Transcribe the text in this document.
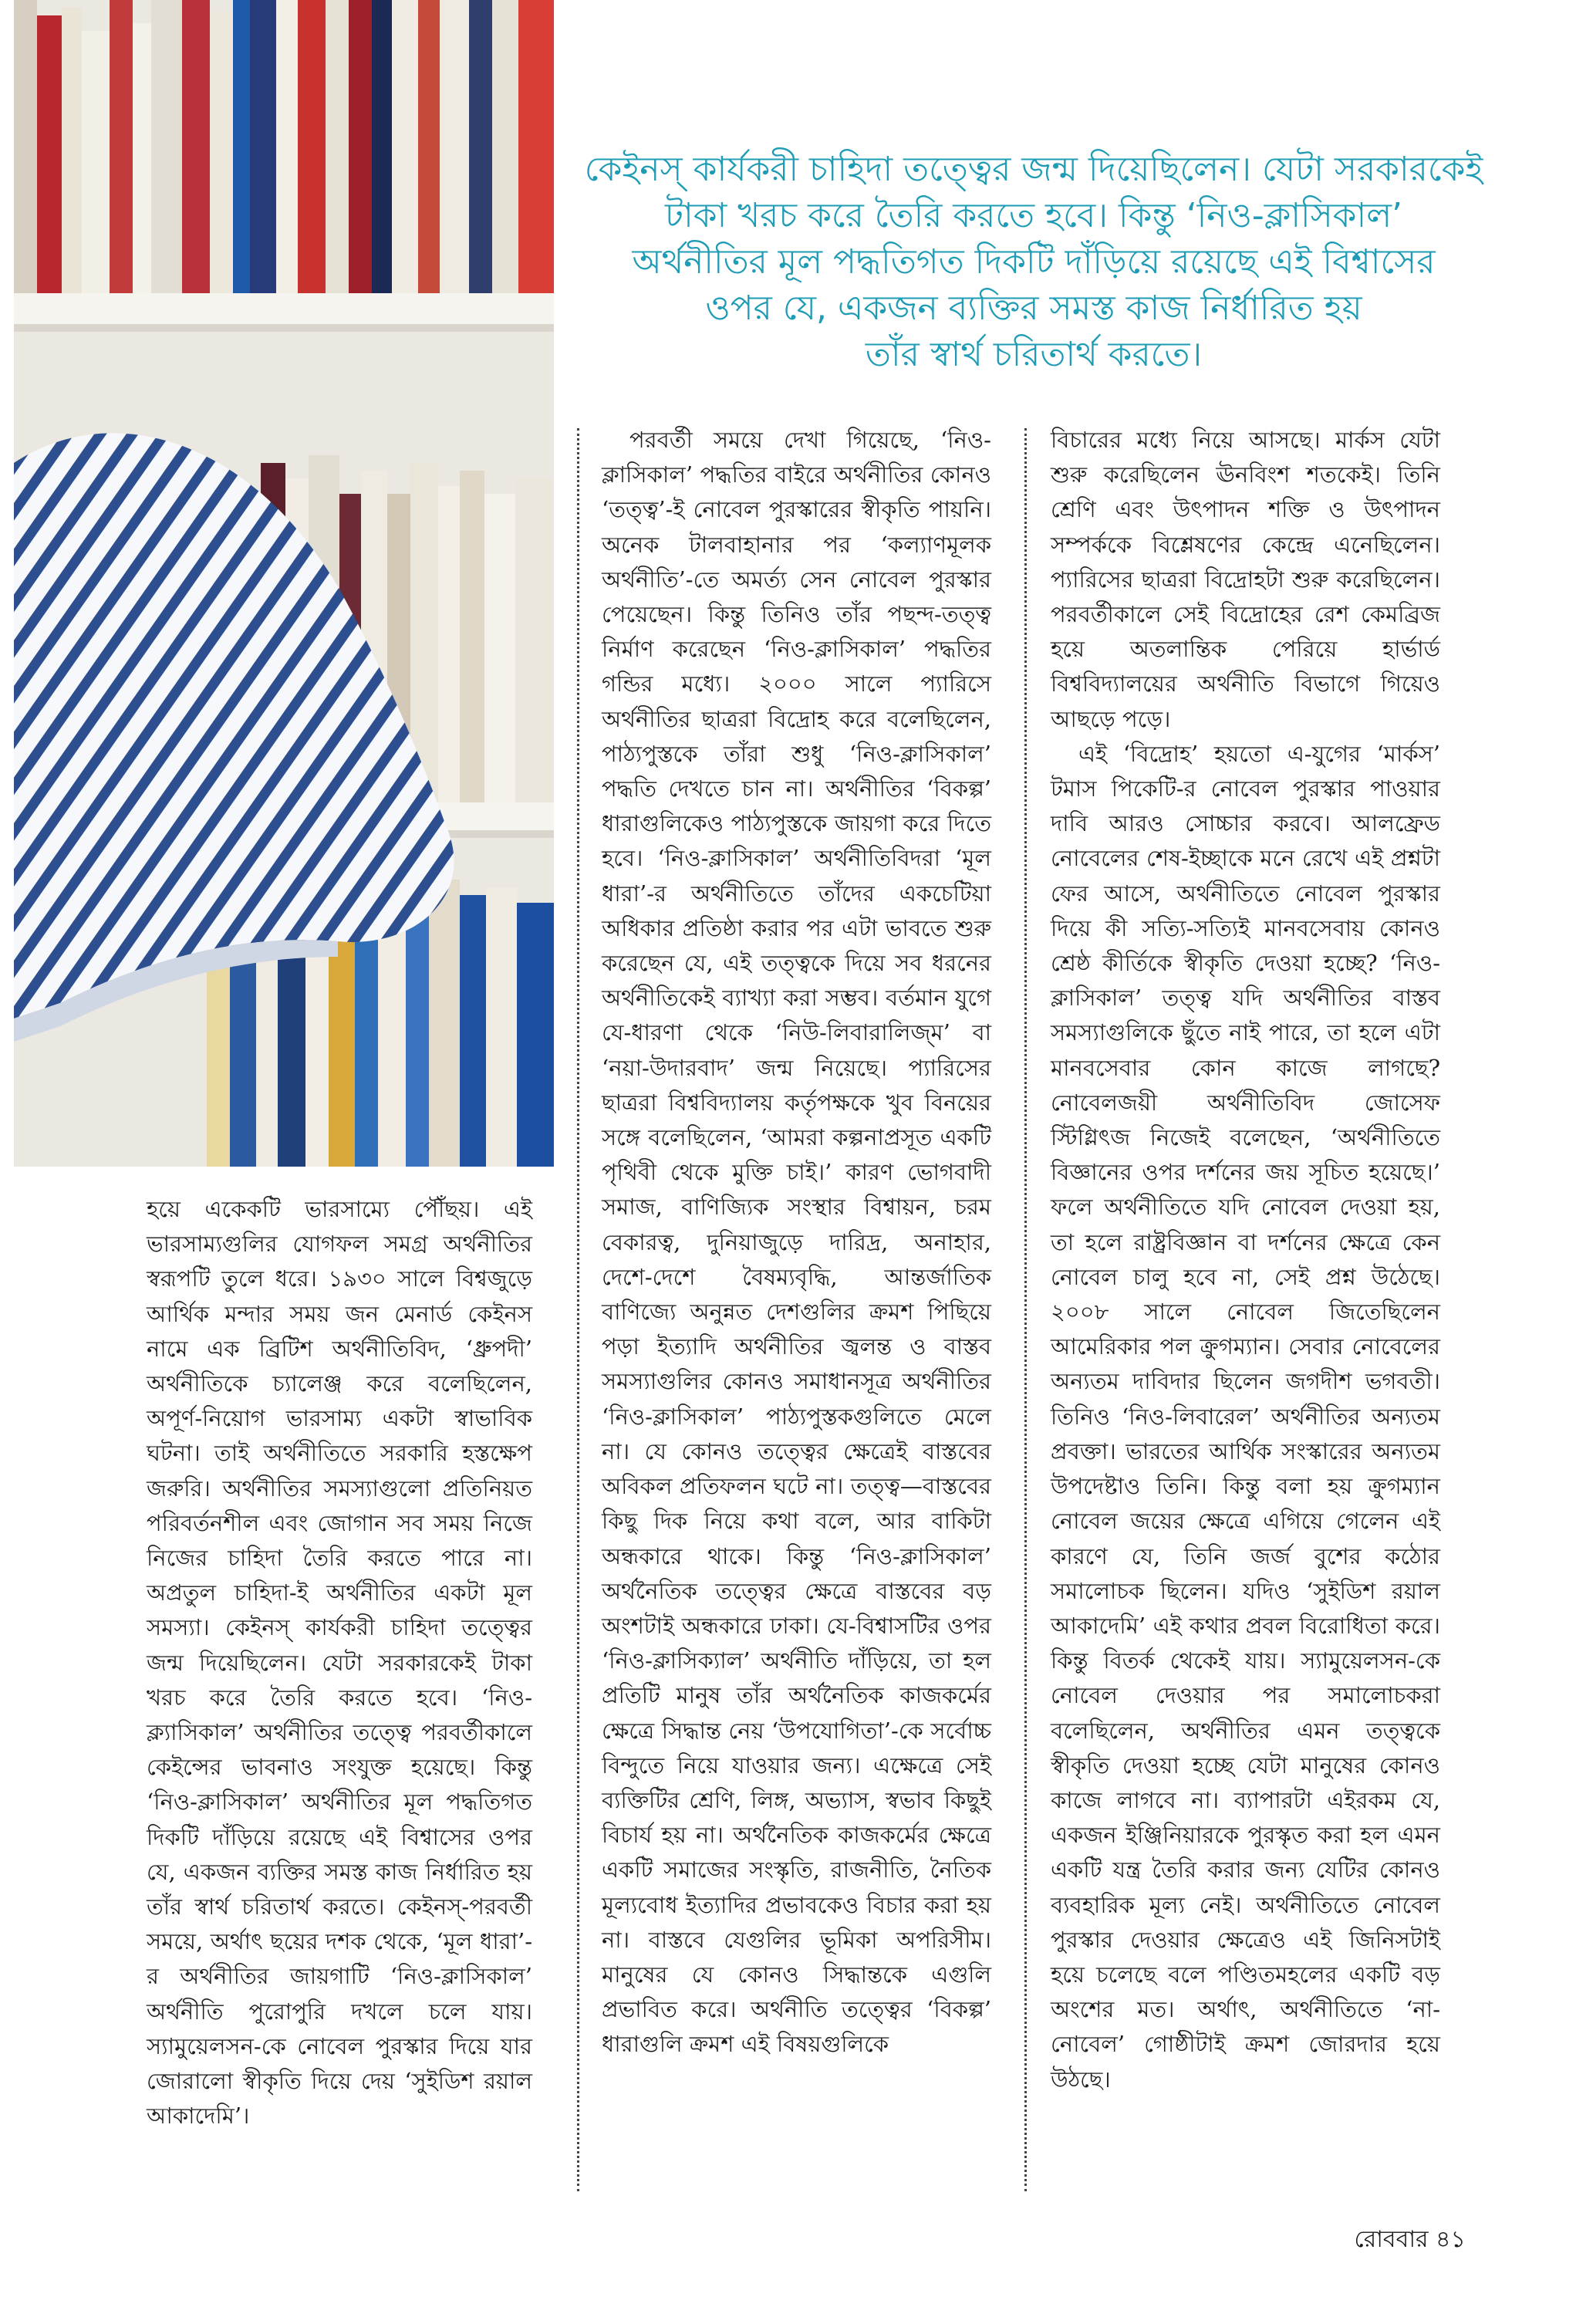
কেইনস্ কার্যকরী চাহিদা তত্ত্বের জন্ম দিয়েছিলেন। যেটা সরকারকেই

টাকা খরচ করে তৈরি করতে হবে। কিন্তু ‘নিও-ক্লাসিকাল’

অর্থনীতির মূল পদ্ধতিগত দিকটি দাঁড়িয়ে রয়েছে এই বিশ্বাসের

ওপর যে, একজন ব্যক্তির সমস্ত কাজ নির্ধারিত হয়

তাঁর স্বার্থ চরিতার্থ করতে।

হয়ে একেকটি ভারসাম্যে পৌঁছয়। এই ভারসাম্যগুলির যোগফল সমগ্র অর্থনীতির স্বরূপটি তুলে ধরে। ১৯৩০ সালে বিশ্বজুড়ে আর্থিক মন্দার সময় জন মেনার্ড কেইনস নামে এক ব্রিটিশ অর্থনীতিবিদ, ‘ধ্রুপদী’ অর্থনীতিকে চ্যালেঞ্জ করে বলেছিলেন, অপূর্ণ-নিয়োগ ভারসাম্য একটা স্বাভাবিক ঘটনা। তাই অর্থনীতিতে সরকারি হস্তক্ষেপ জরুরি। অর্থনীতির সমস্যাগুলো প্রতিনিয়ত পরিবর্তনশীল এবং জোগান সব সময় নিজে নিজের চাহিদা তৈরি করতে পারে না। অপ্রতুল চাহিদা-ই অর্থনীতির একটা মূল সমস্যা। কেইনস্ কার্যকরী চাহিদা তত্ত্বের জন্ম দিয়েছিলেন। যেটা সরকারকেই টাকা খরচ করে তৈরি করতে হবে। ‘নিও-ক্ল্যাসিকাল’ অর্থনীতির তত্ত্বে পরবর্তীকালে কেইন্সের ভাবনাও সংযুক্ত হয়েছে। কিন্তু ‘নিও-ক্লাসিকাল’ অর্থনীতির মূল পদ্ধতিগত দিকটি দাঁড়িয়ে রয়েছে এই বিশ্বাসের ওপর যে, একজন ব্যক্তির সমস্ত কাজ নির্ধারিত হয় তাঁর স্বার্থ চরিতার্থ করতে। কেইনস্-পরবর্তী সময়ে, অর্থাৎ ছয়ের দশক থেকে, ‘মূল ধারা’-র অর্থনীতির জায়গাটি ‘নিও-ক্লাসিকাল’ অর্থনীতি পুরোপুরি দখলে চলে যায়। স্যামুয়েলসন-কে নোবেল পুরস্কার দিয়ে যার জোরালো স্বীকৃতি দিয়ে দেয় ‘সুইডিশ রয়াল আকাদেমি’।

পরবর্তী সময়ে দেখা গিয়েছে, ‘নিও-ক্লাসিকাল’ পদ্ধতির বাইরে অর্থনীতির কোনও ‘তত্ত্ব’-ই নোবেল পুরস্কারের স্বীকৃতি পায়নি। অনেক টালবাহানার পর ‘কল্যাণমূলক অর্থনীতি’-তে অমর্ত্য সেন নোবেল পুরস্কার পেয়েছেন। কিন্তু তিনিও তাঁর পছন্দ-তত্ত্ব নির্মাণ করেছেন ‘নিও-ক্লাসিকাল’ পদ্ধতির গন্ডির মধ্যে। ২০০০ সালে প্যারিসে অর্থনীতির ছাত্ররা বিদ্রোহ করে বলেছিলেন, পাঠ্যপুস্তকে তাঁরা শুধু ‘নিও-ক্লাসিকাল’ পদ্ধতি দেখতে চান না। অর্থনীতির ‘বিকল্প’ ধারাগুলিকেও পাঠ্যপুস্তকে জায়গা করে দিতে হবে। ‘নিও-ক্লাসিকাল’ অর্থনীতিবিদরা ‘মূল ধারা’-র অর্থনীতিতে তাঁদের একচেটিয়া অধিকার প্রতিষ্ঠা করার পর এটা ভাবতে শুরু করেছেন যে, এই তত্ত্বকে দিয়ে সব ধরনের অর্থনীতিকেই ব্যাখ্যা করা সম্ভব। বর্তমান যুগে যে-ধারণা থেকে ‘নিউ-লিবারালিজ্‌ম’ বা ‘নয়া-উদারবাদ’ জন্ম নিয়েছে। প্যারিসের ছাত্ররা বিশ্ববিদ্যালয় কর্তৃপক্ষকে খুব বিনয়ের সঙ্গে বলেছিলেন, ‘আমরা কল্পনাপ্রসূত একটি পৃথিবী থেকে মুক্তি চাই।’ কারণ ভোগবাদী সমাজ, বাণিজ্যিক সংস্থার বিশ্বায়ন, চরম বেকারত্ব, দুনিয়াজুড়ে দারিদ্র, অনাহার, দেশে-দেশে বৈষম্যবৃদ্ধি, আন্তর্জাতিক বাণিজ্যে অনুন্নত দেশগুলির ক্রমশ পিছিয়ে পড়া ইত্যাদি অর্থনীতির জ্বলন্ত ও বাস্তব সমস্যাগুলির কোনও সমাধানসূত্র অর্থনীতির ‘নিও-ক্লাসিকাল’ পাঠ্যপুস্তকগুলিতে মেলে না। যে কোনও তত্ত্বের ক্ষেত্রেই বাস্তবের অবিকল প্রতিফলন ঘটে না। তত্ত্ব—বাস্তবের কিছু দিক নিয়ে কথা বলে, আর বাকিটা অন্ধকারে থাকে। কিন্তু ‘নিও-ক্লাসিকাল’ অর্থনৈতিক তত্ত্বের ক্ষেত্রে বাস্তবের বড় অংশটাই অন্ধকারে ঢাকা। যে-বিশ্বাসটির ওপর ‘নিও-ক্লাসিক্যাল’ অর্থনীতি দাঁড়িয়ে, তা হল প্রতিটি মানুষ তাঁর অর্থনৈতিক কাজকর্মের ক্ষেত্রে সিদ্ধান্ত নেয় ‘উপযোগিতা’-কে সর্বোচ্চ বিন্দুতে নিয়ে যাওয়ার জন্য। এক্ষেত্রে সেই ব্যক্তিটির শ্রেণি, লিঙ্গ, অভ্যাস, স্বভাব কিছুই বিচার্য হয় না। অর্থনৈতিক কাজকর্মের ক্ষেত্রে একটি সমাজের সংস্কৃতি, রাজনীতি, নৈতিক মূল্যবোধ ইত্যাদির প্রভাবকেও বিচার করা হয় না। বাস্তবে যেগুলির ভূমিকা অপরিসীম। মানুষের যে কোনও সিদ্ধান্তকে এগুলি প্রভাবিত করে। অর্থনীতি তত্ত্বের ‘বিকল্প’ ধারাগুলি ক্রমশ এই বিষয়গুলিকে

বিচারের মধ্যে নিয়ে আসছে। মার্কস যেটা শুরু করেছিলেন ঊনবিংশ শতকেই। তিনি শ্রেণি এবং উৎপাদন শক্তি ও উৎপাদন সম্পর্ককে বিশ্লেষণের কেন্দ্রে এনেছিলেন। প্যারিসের ছাত্ররা বিদ্রোহটা শুরু করেছিলেন। পরবর্তীকালে সেই বিদ্রোহের রেশ কেমব্রিজ হয়ে অতলান্তিক পেরিয়ে হার্ভার্ড বিশ্ববিদ্যালয়ের অর্থনীতি বিভাগে গিয়েও আছড়ে পড়ে।

এই ‘বিদ্রোহ’ হয়তো এ-যুগের ‘মার্কস’ টমাস পিকেটি-র নোবেল পুরস্কার পাওয়ার দাবি আরও সোচ্চার করবে। আলফ্রেড নোবেলের শেষ-ইচ্ছাকে মনে রেখে এই প্রশ্নটা ফের আসে, অর্থনীতিতে নোবেল পুরস্কার দিয়ে কী সত্যি-সত্যিই মানবসেবায় কোনও শ্রেষ্ঠ কীর্তিকে স্বীকৃতি দেওয়া হচ্ছে? ‘নিও-ক্লাসিকাল’ তত্ত্ব যদি অর্থনীতির বাস্তব সমস্যাগুলিকে ছুঁতে নাই পারে, তা হলে এটা মানবসেবার কোন কাজে লাগছে? নোবেলজয়ী অর্থনীতিবিদ জোসেফ স্টিগ্লিৎজ নিজেই বলেছেন, ‘অর্থনীতিতে বিজ্ঞানের ওপর দর্শনের জয় সূচিত হয়েছে।’ ফলে অর্থনীতিতে যদি নোবেল দেওয়া হয়, তা হলে রাষ্ট্রবিজ্ঞান বা দর্শনের ক্ষেত্রে কেন নোবেল চালু হবে না, সেই প্রশ্ন উঠেছে। ২০০৮ সালে নোবেল জিতেছিলেন আমেরিকার পল ক্রুগম্যান। সেবার নোবেলের অন্যতম দাবিদার ছিলেন জগদীশ ভগবতী। তিনিও ‘নিও-লিবারেল’ অর্থনীতির অন্যতম প্রবক্তা। ভারতের আর্থিক সংস্কারের অন্যতম উপদেষ্টাও তিনি। কিন্তু বলা হয় ক্রুগম্যান নোবেল জয়ের ক্ষেত্রে এগিয়ে গেলেন এই কারণে যে, তিনি জর্জ বুশের কঠোর সমালোচক ছিলেন। যদিও ‘সুইডিশ রয়াল আকাদেমি’ এই কথার প্রবল বিরোধিতা করে। কিন্তু বিতর্ক থেকেই যায়। স্যামুয়েলসন-কে নোবেল দেওয়ার পর সমালোচকরা বলেছিলেন, অর্থনীতির এমন তত্ত্বকে স্বীকৃতি দেওয়া হচ্ছে যেটা মানুষের কোনও কাজে লাগবে না। ব্যাপারটা এইরকম যে, একজন ইঞ্জিনিয়ারকে পুরস্কৃত করা হল এমন একটি যন্ত্র তৈরি করার জন্য যেটির কোনও ব্যবহারিক মূল্য নেই। অর্থনীতিতে নোবেল পুরস্কার দেওয়ার ক্ষেত্রেও এই জিনিসটাই হয়ে চলেছে বলে পণ্ডিতমহলের একটি বড় অংশের মত। অর্থাৎ, অর্থনীতিতে ‘না-নোবেল’ গোষ্ঠীটাই ক্রমশ জোরদার হয়ে উঠছে।

রোববার ৪১
